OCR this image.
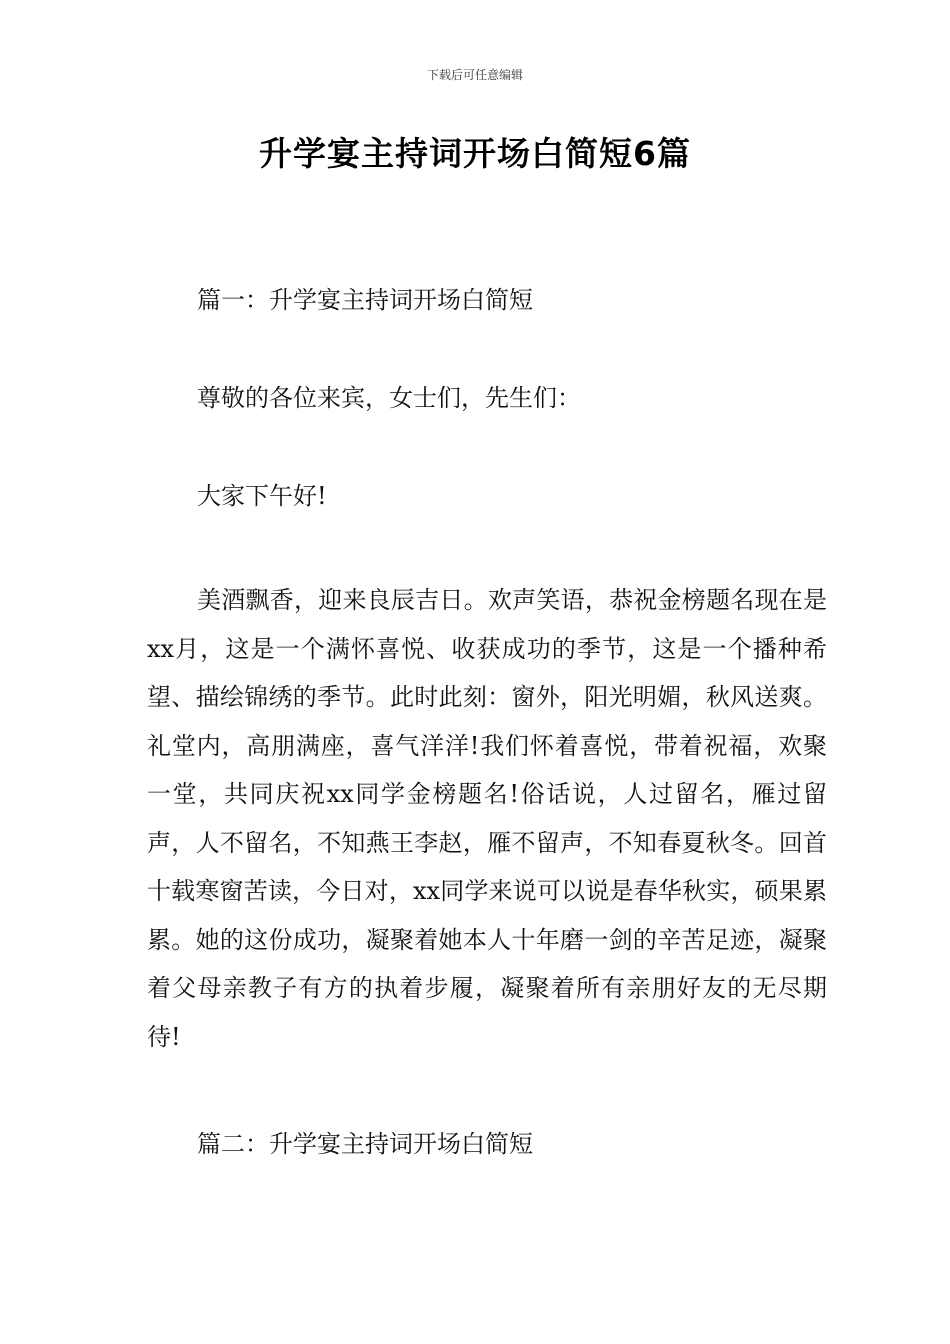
下载后可任意编辑
升学宴主持词开场白简短6篇

篇一：升学宴主持词开场白简短

尊敬的各位来宾，女士们，先生们：

大家下午好!

美酒飘香，迎来良辰吉日。欢声笑语，恭祝金榜题名现在是xx月，这是一个满怀喜悦、收获成功的季节，这是一个播种希望、描绘锦绣的季节。此时此刻：窗外，阳光明媚，秋风送爽。礼堂内，高朋满座，喜气洋洋!我们怀着喜悦，带着祝福，欢聚一堂，共同庆祝xx同学金榜题名!俗话说，人过留名，雁过留声，人不留名，不知燕王李赵，雁不留声，不知春夏秋冬。回首十载寒窗苦读，今日对，xx同学来说可以说是春华秋实，硕果累累。她的这份成功，凝聚着她本人十年磨一剑的辛苦足迹，凝聚着父母亲教子有方的执着步履，凝聚着所有亲朋好友的无尽期待!

篇二：升学宴主持词开场白简短
